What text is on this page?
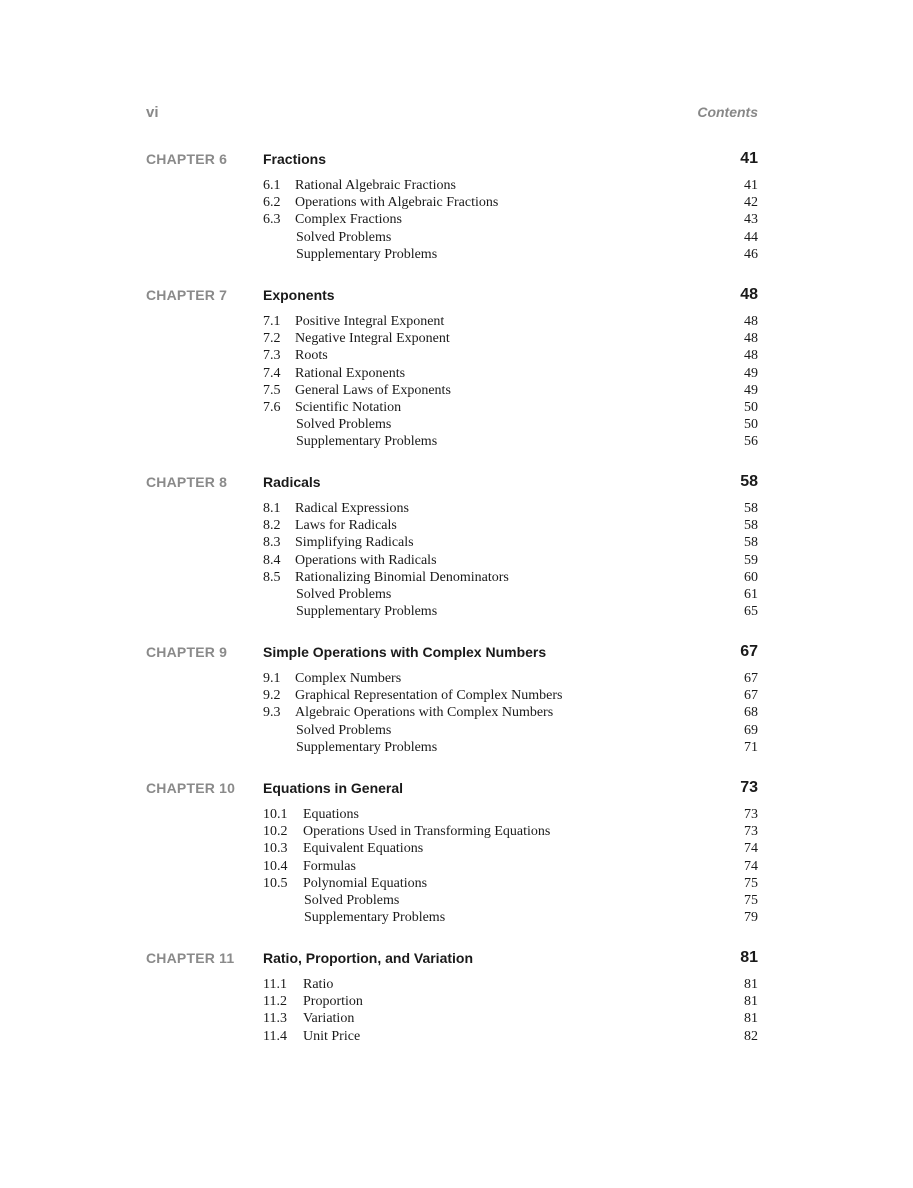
vi	Contents
CHAPTER 6	Fractions	41
6.1 Rational Algebraic Fractions	41
6.2 Operations with Algebraic Fractions	42
6.3 Complex Fractions	43
Solved Problems	44
Supplementary Problems	46
CHAPTER 7	Exponents	48
7.1 Positive Integral Exponent	48
7.2 Negative Integral Exponent	48
7.3 Roots	48
7.4 Rational Exponents	49
7.5 General Laws of Exponents	49
7.6 Scientific Notation	50
Solved Problems	50
Supplementary Problems	56
CHAPTER 8	Radicals	58
8.1 Radical Expressions	58
8.2 Laws for Radicals	58
8.3 Simplifying Radicals	58
8.4 Operations with Radicals	59
8.5 Rationalizing Binomial Denominators	60
Solved Problems	61
Supplementary Problems	65
CHAPTER 9	Simple Operations with Complex Numbers	67
9.1 Complex Numbers	67
9.2 Graphical Representation of Complex Numbers	67
9.3 Algebraic Operations with Complex Numbers	68
Solved Problems	69
Supplementary Problems	71
CHAPTER 10 Equations in General	73
10.1 Equations	73
10.2 Operations Used in Transforming Equations	73
10.3 Equivalent Equations	74
10.4 Formulas	74
10.5 Polynomial Equations	75
Solved Problems	75
Supplementary Problems	79
CHAPTER 11 Ratio, Proportion, and Variation	81
11.1 Ratio	81
11.2 Proportion	81
11.3 Variation	81
11.4 Unit Price	82
